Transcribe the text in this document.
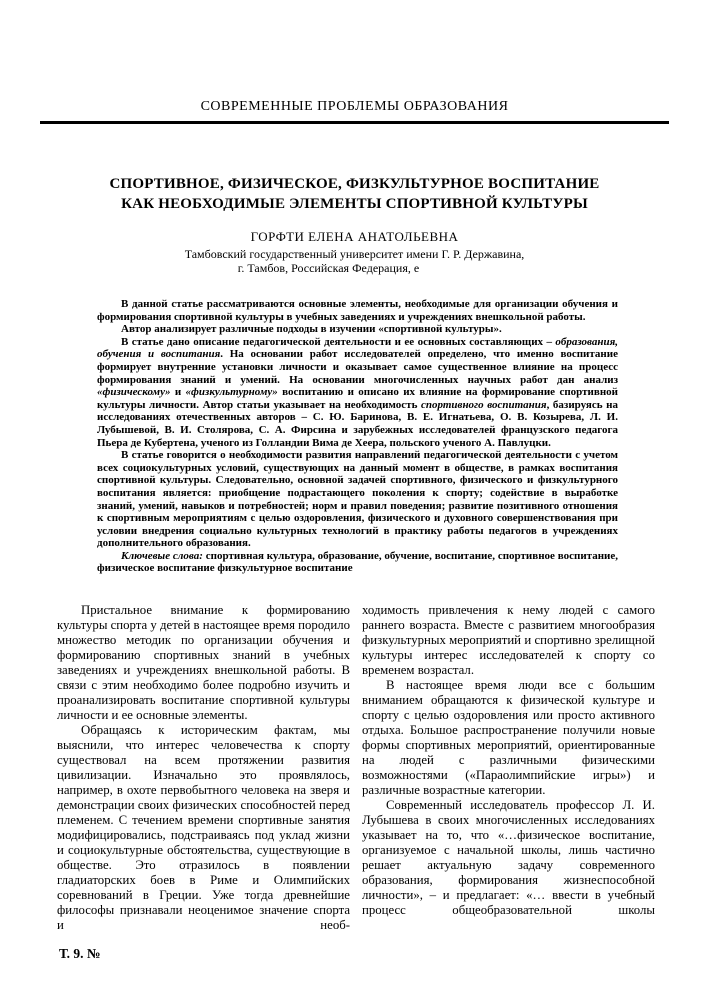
СОВРЕМЕННЫЕ ПРОБЛЕМЫ ОБРАЗОВАНИЯ
СПОРТИВНОЕ, ФИЗИЧЕСКОЕ, ФИЗКУЛЬТУРНОЕ ВОСПИТАНИЕ
КАК НЕОБХОДИМЫЕ ЭЛЕМЕНТЫ СПОРТИВНОЙ КУЛЬТУРЫ
ГОРФТИ ЕЛЕНА АНАТОЛЬЕВНА
Тамбовский государственный университет имени Г. Р. Державина,
г. Тамбов, Российская Федерация, e

В данной статье рассматриваются основные элементы, необходимые для организации обучения и формирования спортивной культуры в учебных заведениях и учреждениях внешкольной работы.

Автор анализирует различные подходы в изучении «спортивной культуры».

В статье дано описание педагогической деятельности и ее основных составляющих – образования, обучения и воспитания. На основании работ исследователей определено, что именно воспитание формирует внутренние установки личности и оказывает самое существенное влияние на процесс формирования знаний и умений. На основании многочисленных научных работ дан анализ «физическому» и «физкультурному» воспитанию и описано их влияние на формирование спортивной культуры личности. Автор статьи указывает на необходимость спортивного воспитания, базируясь на исследованиях отечественных авторов – С. Ю. Баринова, В. Е. Игнатьева, О. В. Козырева, Л. И. Лубышевой, В. И. Столярова, С. А. Фирсина и зарубежных исследователей французского педагога Пьера де Кубертена, ученого из Голландии Вима де Хеера, польского ученого А. Павлуцки.

В статье говорится о необходимости развития направлений педагогической деятельности с учетом всех социокультурных условий, существующих на данный момент в обществе, в рамках воспитания спортивной культуры. Следовательно, основной задачей спортивного, физического и физкультурного воспитания является: приобщение подрастающего поколения к спорту; содействие в выработке знаний, умений, навыков и потребностей; норм и правил поведения; развитие позитивного отношения к спортивным мероприятиям с целью оздоровления, физического и духовного совершенствования при условии внедрения социально культурных технологий в практику работы педагогов в учреждениях дополнительного образования.

Ключевые слова: спортивная культура, образование, обучение, воспитание, спортивное воспитание, физическое воспитание физкультурное воспитание

Пристальное внимание к формированию культуры спорта у детей в настоящее время породило множество методик по организации обучения и формированию спортивных знаний в учебных заведениях и учреждениях внешкольной работы. В связи с этим необходимо более подробно изучить и проанализировать воспитание спортивной культуры личности и ее основные элементы.

Обращаясь к историческим фактам, мы выяснили, что интерес человечества к спорту существовал на всем протяжении развития цивилизации. Изначально это проявлялось, например, в охоте первобытного человека на зверя и демонстрации своих физических способностей перед племенем. С течением времени спортивные занятия модифицировались, подстраиваясь под уклад жизни и социокультурные обстоятельства, существующие в обществе. Это отразилось в появлении гладиаторских боев в Риме и Олимпийских соревнований в Греции. Уже тогда древнейшие философы признавали неоценимое значение спорта и необ-

ходимость привлечения к нему людей с самого раннего возраста. Вместе с развитием многообразия физкультурных мероприятий и спортивно зрелищной культуры интерес исследователей к спорту со временем возрастал.

В настоящее время люди все с большим вниманием обращаются к физической культуре и спорту с целью оздоровления или просто активного отдыха. Большое распространение получили новые формы спортивных мероприятий, ориентированные на людей с различными физическими возможностями («Параолимпийские игры») и различные возрастные категории.

Современный исследователь профессор Л. И. Лубышева в своих многочисленных исследованиях указывает на то, что «…физическое воспитание, организуемое с начальной школы, лишь частично решает актуальную задачу современного образования, формирования жизнеспособной личности», – и предлагает: «… ввести в учебный процесс общеобразовательной школы

Т. 9. №
